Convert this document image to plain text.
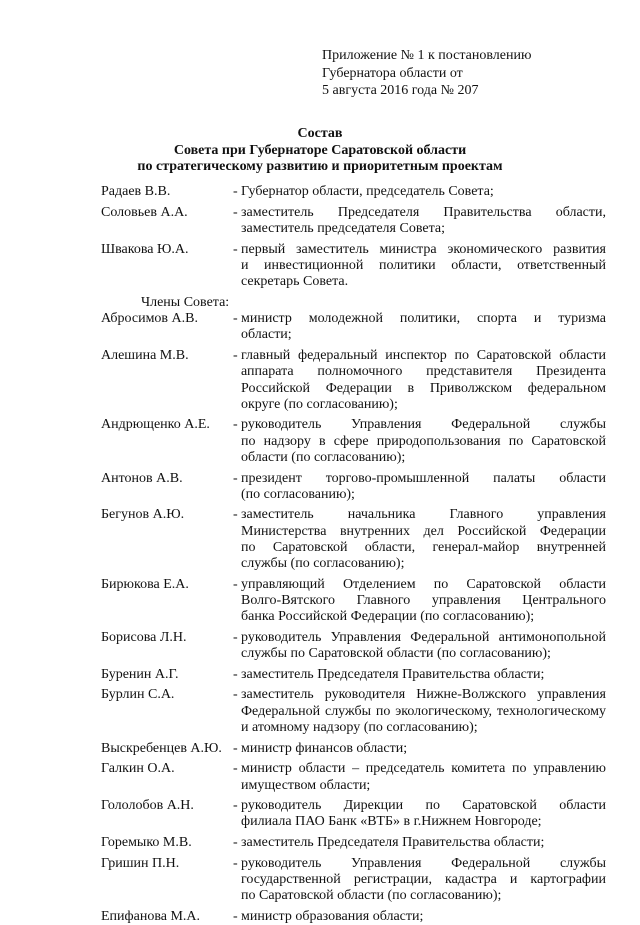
Приложение № 1 к постановлению
Губернатора области от
5 августа 2016 года № 207
Состав
Совета при Губернаторе Саратовской области
по стратегическому развитию и приоритетным проектам
Радаев В.В.	- Губернатор области, председатель Совета;
Соловьев А.А.	- заместитель Председателя Правительства области,
заместитель председателя Совета;
Швакова Ю.А.	- первый заместитель министра экономического развития
и инвестиционной политики области, ответственный
секретарь Совета.
Члены Совета:
Абросимов А.В.	- министр молодежной политики, спорта и туризма
области;
Алешина М.В.	- главный федеральный инспектор по Саратовской области
аппарата полномочного представителя Президента
Российской Федерации в Приволжском федеральном
округе (по согласованию);
Андрющенко А.Е.	- руководитель Управления Федеральной службы
по надзору в сфере природопользования по Саратовской
области (по согласованию);
Антонов А.В.	- президент торгово-промышленной палаты области
(по согласованию);
Бегунов А.Ю.	- заместитель начальника Главного управления
Министерства внутренних дел Российской Федерации
по Саратовской области, генерал-майор внутренней
службы (по согласованию);
Бирюкова Е.А.	- управляющий Отделением по Саратовской области
Волго-Вятского Главного управления Центрального
банка Российской Федерации (по согласованию);
Борисова Л.Н.	- руководитель Управления Федеральной антимонопольной
службы по Саратовской области (по согласованию);
Буренин А.Г.	- заместитель Председателя Правительства области;
Бурлин С.А.	- заместитель руководителя Нижне-Волжского управления
Федеральной службы по экологическому, технологическому
и атомному надзору (по согласованию);
Выскребенцев А.Ю. - министр финансов области;
Галкин О.А.	- министр области – председатель комитета по управлению
имуществом области;
Гололобов А.Н.	- руководитель Дирекции по Саратовской области
филиала ПАО Банк «ВТБ» в г.Нижнем Новгороде;
Горемыко М.В.	- заместитель Председателя Правительства области;
Гришин П.Н.	- руководитель Управления Федеральной службы
государственной регистрации, кадастра и картографии
по Саратовской области (по согласованию);
Епифанова М.А.	- министр образования области;
